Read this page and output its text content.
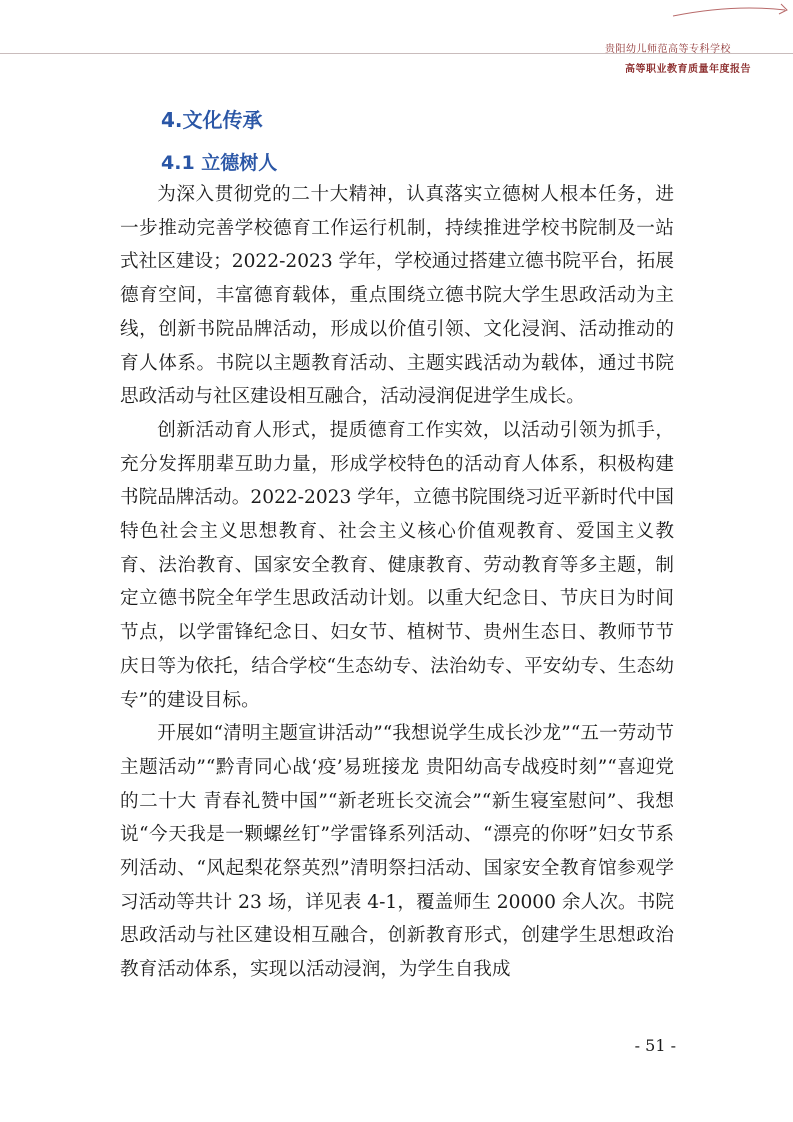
贵阳幼儿师范高等专科学校
高等职业教育质量年度报告
4.文化传承
4.1 立德树人

为深入贯彻党的二十大精神，认真落实立德树人根本任务，进一步推动完善学校德育工作运行机制，持续推进学校书院制及一站式社区建设；2022-2023 学年，学校通过搭建立德书院平台，拓展德育空间，丰富德育载体，重点围绕立德书院大学生思政活动为主线，创新书院品牌活动，形成以价值引领、文化浸润、活动推动的育人体系。书院以主题教育活动、主题实践活动为载体，通过书院思政活动与社区建设相互融合，活动浸润促进学生成长。

创新活动育人形式，提质德育工作实效，以活动引领为抓手，充分发挥朋辈互助力量，形成学校特色的活动育人体系，积极构建书院品牌活动。2022-2023 学年，立德书院围绕习近平新时代中国特色社会主义思想教育、社会主义核心价值观教育、爱国主义教育、法治教育、国家安全教育、健康教育、劳动教育等多主题，制定立德书院全年学生思政活动计划。以重大纪念日、节庆日为时间节点，以学雷锋纪念日、妇女节、植树节、贵州生态日、教师节节庆日等为依托，结合学校“生态幼专、法治幼专、平安幼专、生态幼专”的建设目标。

开展如“清明主题宣讲活动”“我想说学生成长沙龙”“五一劳动节主题活动”“黔青同心战‘疫’易班接龙 贵阳幼高专战疫时刻”“喜迎党的二十大 青春礼赞中国”“新老班长交流会”“新生寝室慰问”、我想说“今天我是一颗螺丝钉”学雷锋系列活动、“漂亮的你呀”妇女节系列活动、“风起梨花祭英烈”清明祭扫活动、国家安全教育馆参观学习活动等共计 23 场，详见表 4-1，覆盖师生 20000 余人次。书院思政活动与社区建设相互融合，创新教育形式，创建学生思想政治教育活动体系，实现以活动浸润，为学生自我成

- 51 -
